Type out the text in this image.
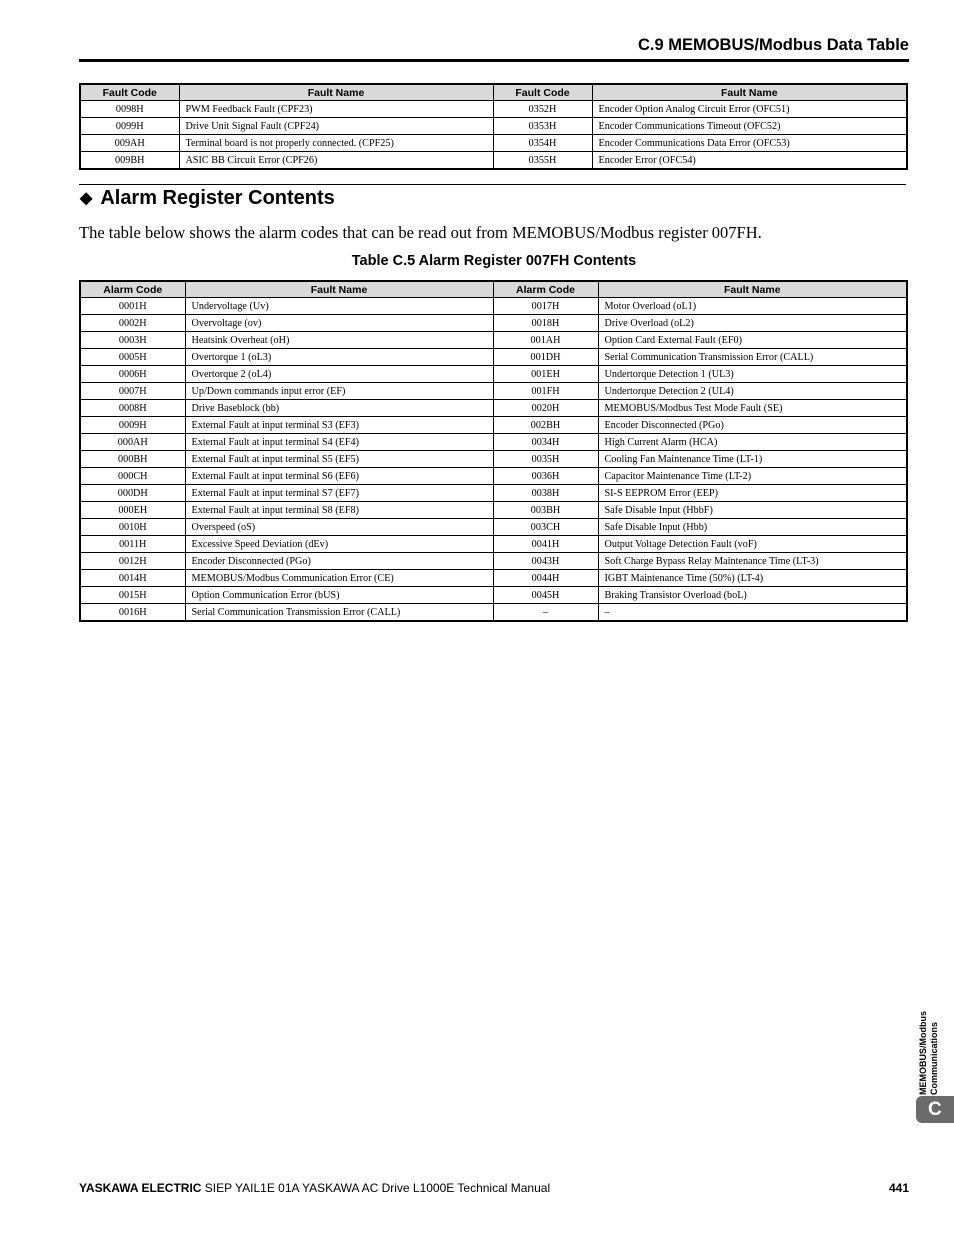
C.9 MEMOBUS/Modbus Data Table
Fault Code	Fault Name	Fault Code	Fault Name
0098H	PWM Feedback Fault (CPF23)	0352H	Encoder Option Analog Circuit Error (OFC51)
0099H	Drive Unit Signal Fault (CPF24)	0353H	Encoder Communications Timeout (OFC52)
009AH	Terminal board is not properly connected. (CPF25)	0354H	Encoder Communications Data Error (OFC53)
009BH	ASIC BB Circuit Error (CPF26)	0355H	Encoder Error (OFC54)
◆ Alarm Register Contents
The table below shows the alarm codes that can be read out from MEMOBUS/Modbus register 007FH.
Table C.5 Alarm Register 007FH Contents
Alarm Code	Fault Name	Alarm Code	Fault Name
0001H	Undervoltage (Uv)	0017H	Motor Overload (oL1)
0002H	Overvoltage (ov)	0018H	Drive Overload (oL2)
0003H	Heatsink Overheat (oH)	001AH	Option Card External Fault (EF0)
0005H	Overtorque 1 (oL3)	001DH	Serial Communication Transmission Error (CALL)
0006H	Overtorque 2 (oL4)	001EH	Undertorque Detection 1 (UL3)
0007H	Up/Down commands input error (EF)	001FH	Undertorque Detection 2 (UL4)
0008H	Drive Baseblock (bb)	0020H	MEMOBUS/Modbus Test Mode Fault (SE)
0009H	External Fault at input terminal S3 (EF3)	002BH	Encoder Disconnected (PGo)
000AH	External Fault at input terminal S4 (EF4)	0034H	High Current Alarm (HCA)
000BH	External Fault at input terminal S5 (EF5)	0035H	Cooling Fan Maintenance Time (LT-1)
000CH	External Fault at input terminal S6 (EF6)	0036H	Capacitor Maintenance Time (LT-2)
000DH	External Fault at input terminal S7 (EF7)	0038H	SI-S EEPROM Error (EEP)
000EH	External Fault at input terminal S8 (EF8)	003BH	Safe Disable Input (HbbF)
0010H	Overspeed (oS)	003CH	Safe Disable Input (Hbb)
0011H	Excessive Speed Deviation (dEv)	0041H	Output Voltage Detection Fault (voF)
0012H	Encoder Disconnected (PGo)	0043H	Soft Charge Bypass Relay Maintenance Time (LT-3)
0014H	MEMOBUS/Modbus Communication Error (CE)	0044H	IGBT Maintenance Time (50%) (LT-4)
0015H	Option Communication Error (bUS)	0045H	Braking Transistor Overload (boL)
0016H	Serial Communication Transmission Error (CALL)	–	–
MEMOBUS/Modbus
Communications
C
YASKAWA ELECTRIC SIEP YAIL1E 01A YASKAWA AC Drive L1000E Technical Manual	441
